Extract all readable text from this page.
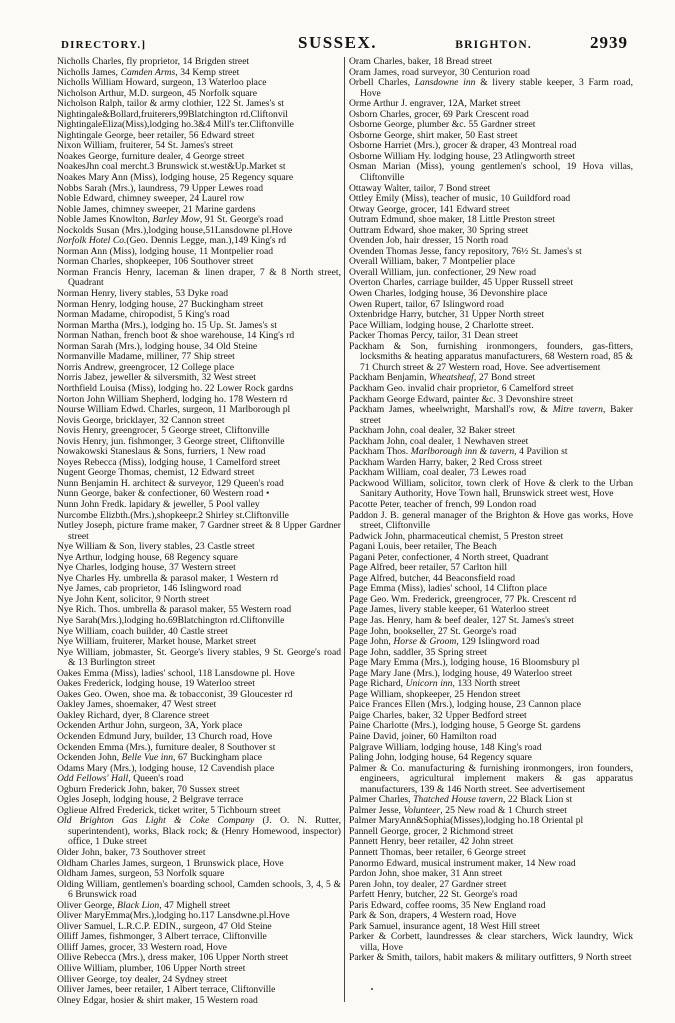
DIRECTORY.]	SUSSEX.	BRIGHTON.	2939

Nicholls Charles, fly proprietor, 14 Brigden street

Nicholls James, Camden Arms, 34 Kemp street

Nicholls William Howard, surgeon, 13 Waterloo place

Nicholson Arthur, M.D. surgeon, 45 Norfolk square

Nicholson Ralph, tailor & army clothier, 122 St. James's st

Nightingale&Bollard,fruiterers,99Blatchington rd.Cliftonvil

NightingaleEliza(Miss),lodging ho.3&4 Mill's ter.Cliftonville

Nightingale George, beer retailer, 56 Edward street

Nixon William, fruiterer, 54 St. James's street

Noakes George, furniture dealer, 4 George street

NoakesJhn coal mercht.3 Brunswick st.west&Up.Market st

Noakes Mary Ann (Miss), lodging house, 25 Regency square

Nobbs Sarah (Mrs.), laundress, 79 Upper Lewes road

Noble Edward, chimney sweeper, 24 Laurel row

Noble James, chimney sweeper, 21 Marine gardens

Noble James Knowlton, Barley Mow, 91 St. George's road

Nockolds Susan (Mrs.),lodging house,51Lansdowne pl.Hove

Norfolk Hotel Co.(Geo. Dennis Legge, man.),149 King's rd

Norman Ann (Miss), lodging house, 11 Montpelier road

Norman Charles, shopkeeper, 106 Southover street

Norman Francis Henry, laceman & linen draper, 7 & 8 North street, Quadrant

Norman Henry, livery stables, 53 Dyke road

Norman Henry, lodging house, 27 Buckingham street

Norman Madame, chiropodist, 5 King's road

Norman Martha (Mrs.), lodging ho. 15 Up. St. James's st

Norman Nathan, french boot & shoe warehouse, 14 King's rd

Norman Sarah (Mrs.), lodging house, 34 Old Steine

Normanville Madame, milliner, 77 Ship street

Norris Andrew, greengrocer, 12 College place

Norris Jabez, jeweller & silversmith, 32 West street

Northfield Louisa (Miss), lodging ho. 22 Lower Rock gardns

Norton John William Shepherd, lodging ho. 178 Western rd

Nourse William Edwd. Charles, surgeon, 11 Marlborough pl

Novis George, bricklayer, 32 Cannon street

Novis Henry, greengrocer, 5 George street, Cliftonville

Novis Henry, jun. fishmonger, 3 George street, Cliftonville

Nowakowski Staneslaus & Sons, furriers, 1 New road

Noyes Rebecca (Miss), lodging house, 1 Camelford street

Nugent George Thomas, chemist, 12 Edward street

Nunn Benjamin H. architect & surveyor, 129 Queen's road

Nunn George, baker & confectioner, 60 Western road •

Nunn John Fredk. lapidary & jeweller, 5 Pool valley

Nurcombe Elizbth.(Mrs.),shopkeepr.2 Shirley st.Cliftonville

Nutley Joseph, picture frame maker, 7 Gardner street & 8 Upper Gardner street

Nye William & Son, livery stables, 23 Castle street

Nye Arthur, lodging house, 68 Regency square

Nye Charles, lodging house, 37 Western street

Nye Charles Hy. umbrella & parasol maker, 1 Western rd

Nye James, cab proprietor, 146 Islingword road

Nye John Kent, solicitor, 9 North street

Nye Rich. Thos. umbrella & parasol maker, 55 Western road

Nye Sarah(Mrs.),lodging ho.69Blatchington rd.Cliftonville

Nye William, coach builder, 40 Castle street

Nye William, fruiterer, Market house, Market street

Nye William, jobmaster, St. George's livery stables, 9 St. George's road & 13 Burlington street

Oakes Emma (Miss), ladies' school, 118 Lansdowne pl. Hove

Oakes Frederick, lodging house, 19 Waterloo street

Oakes Geo. Owen, shoe ma. & tobacconist, 39 Gloucester rd

Oakley James, shoemaker, 47 West street

Oakley Richard, dyer, 8 Clarence street

Ockenden Arthur John, surgeon, 3A, York place

Ockenden Edmund Jury, builder, 13 Church road, Hove

Ockenden Emma (Mrs.), furniture dealer, 8 Southover st

Ockenden John, Belle Vue inn, 67 Buckingham place

Odams Mary (Mrs.), lodging house, 12 Cavendish place

Odd Fellows' Hall, Queen's road

Ogburn Frederick John, baker, 70 Sussex street

Ogles Joseph, lodging house, 2 Belgrave terrace

Oglieue Alfred Frederick, ticket writer, 5 Tichbourn street

Old Brighton Gas Light & Coke Company (J. O. N. Rutter, superintendent), works, Black rock; & (Henry Homewood, inspector) office, 1 Duke street

Older John, baker, 73 Southover street

Oldham Charles James, surgeon, 1 Brunswick place, Hove

Oldham James, surgeon, 53 Norfolk square

Olding William, gentlemen's boarding school, Camden schools, 3, 4, 5 & 6 Brunswick road

Oliver George, Black Lion, 47 Mighell street

Oliver MaryEmma(Mrs.),lodging ho.117 Lansdwne.pl.Hove

Oliver Samuel, L.R.C.P. EDIN., surgeon, 47 Old Steine

Olliff James, fishmonger, 3 Albert terrace, Cliftonville

Olliff James, grocer, 33 Western road, Hove

Ollive Rebecca (Mrs.), dress maker, 106 Upper North street

Ollive William, plumber, 106 Upper North street

Olliver George, toy dealer, 24 Sydney street

Olliver James, beer retailer, 1 Albert terrace, Cliftonville

Olney Edgar, hosier & shirt maker, 15 Western road

Oram Charles, baker, 18 Bread street

Oram James, road surveyor, 30 Centurion road

Orbell Charles, Lansdowne inn & livery stable keeper, 3 Farm road, Hove

Orme Arthur J. engraver, 12A, Market street

Osborn Charles, grocer, 69 Park Crescent road

Osborne George, plumber &c. 55 Gardner street

Osborne George, shirt maker, 50 East street

Osborne Harriet (Mrs.), grocer & draper, 43 Montreal road

Osborne William Hy. lodging house, 23 Atlingworth street

Osman Marian (Miss), young gentlemen's school, 19 Hova villas, Cliftonville

Ottaway Walter, tailor, 7 Bond street

Ottley Emily (Miss), teacher of music, 10 Guildford road

Otway George, grocer, 141 Edward street

Outram Edmund, shoe maker, 18 Little Preston street

Outtram Edward, shoe maker, 30 Spring street

Ovenden Job, hair dresser, 15 North road

Ovenden Thomas Jesse, fancy repository, 76½ St. James's st

Overall William, baker, 7 Montpelier place

Overall William, jun. confectioner, 29 New road

Overton Charles, carriage builder, 45 Upper Russell street

Owen Charles, lodging house, 36 Devonshire place

Owen Rupert, tailor, 67 Islingword road

Oxtenbridge Harry, butcher, 31 Upper North street

Pace William, lodging house, 2 Charlotte street.

Packer Thomas Percy, tailor, 31 Dean street

Packham & Son, furnishing ironmongers, founders, gas-fitters, locksmiths & heating apparatus manufacturers, 68 Western road, 85 & 71 Church street & 27 Western road, Hove. See advertisement

Packham Benjamin, Wheatsheaf, 27 Bond street

Packham Geo. invalid chair proprietor, 6 Camelford street

Packham George Edward, painter &c. 3 Devonshire street

Packham James, wheelwright, Marshall's row, & Mitre tavern, Baker street

Packham John, coal dealer, 32 Baker street

Packham John, coal dealer, 1 Newhaven street

Packham Thos. Marlborough inn & tavern, 4 Pavilion st

Packham Warden Harry, baker, 2 Red Cross street

Packham William, coal dealer, 73 Lewes road

Packwood William, solicitor, town clerk of Hove & clerk to the Urban Sanitary Authority, Hove Town hall, Brunswick street west, Hove

Pacotte Peter, teacher of french, 99 London road

Paddon J. B. general manager of the Brighton & Hove gas works, Hove street, Cliftonville

Padwick John, pharmaceutical chemist, 5 Preston street

Pagani Louis, beer retailer, The Beach

Pagani Peter, confectioner, 4 North street, Quadrant

Page Alfred, beer retailer, 57 Carlton hill

Page Alfred, butcher, 44 Beaconsfield road

Page Emma (Miss), ladies' school, 14 Clifton place

Page Geo. Wm. Frederick, greengrocer, 77 Pk. Crescent rd

Page James, livery stable keeper, 61 Waterloo street

Page Jas. Henry, ham & beef dealer, 127 St. James's street

Page John, bookseller, 27 St. George's road

Page John, Horse & Groom, 129 Islingword road

Page John, saddler, 35 Spring street

Page Mary Emma (Mrs.), lodging house, 16 Bloomsbury pl

Page Mary Jane (Mrs.), lodging house, 49 Waterloo street

Page Richard, Unicorn inn, 133 North street

Page William, shopkeeper, 25 Hendon street

Paice Frances Ellen (Mrs.), lodging house, 23 Cannon place

Paige Charles, baker, 32 Upper Bedford street

Paine Charlotte (Mrs.), lodging house, 5 George St. gardens

Paine David, joiner, 60 Hamilton road

Palgrave William, lodging house, 148 King's road

Paling John, lodging house, 64 Regency square

Palmer & Co. manufacturing & furnishing ironmongers, iron founders, engineers, agricultural implement makers & gas apparatus manufacturers, 139 & 146 North street. See advertisement

Palmer Charles, Thatched House tavern, 22 Black Lion st

Palmer Jesse, Volunteer, 25 New road & 1 Church street

Palmer MaryAnn&Sophia(Misses),lodging ho.18 Oriental pl

Pannell George, grocer, 2 Richmond street

Pannett Henry, beer retailer, 42 John street

Pannett Thomas, beer retailer, 6 George street

Panormo Edward, musical instrument maker, 14 New road

Pardon John, shoe maker, 31 Ann street

Paren John, toy dealer, 27 Gardner street

Parfett Henry, butcher, 22 St. George's road

Paris Edward, coffee rooms, 35 New England road

Park & Son, drapers, 4 Western road, Hove

Park Samuel, insurance agent, 18 West Hill street

Parker & Corbett, laundresses & clear starchers, Wick laundry, Wick villa, Hove

Parker & Smith, tailors, habit makers & military outfitters, 9 North street
